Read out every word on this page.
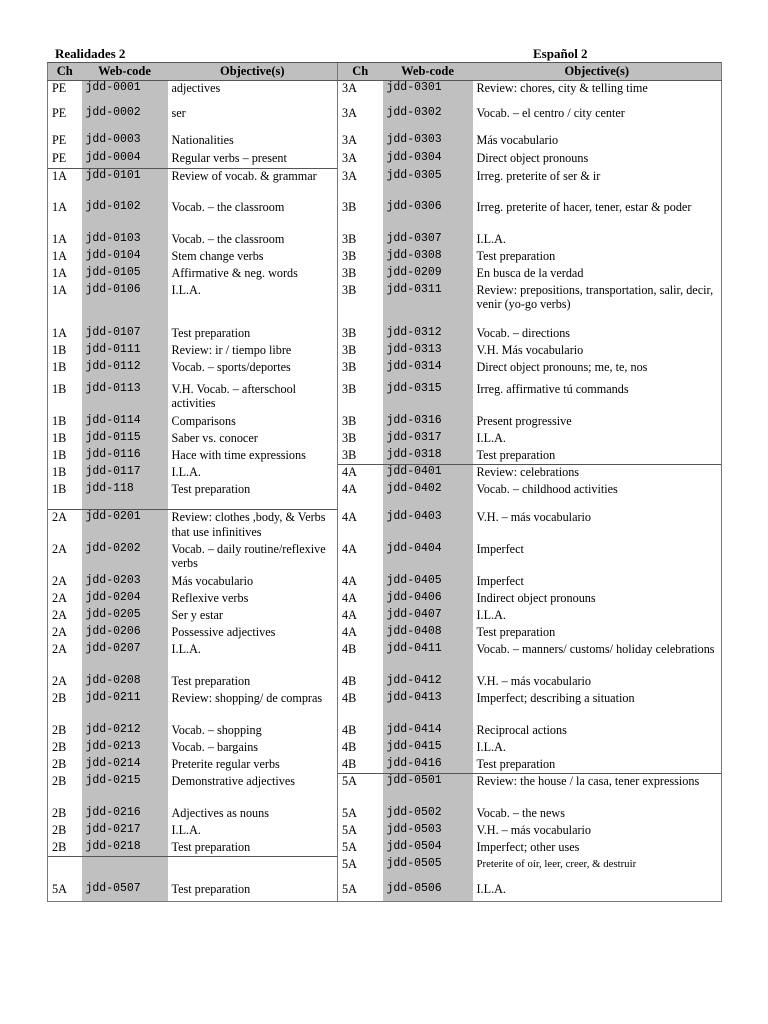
Realidades 2	Español 2
Ch	Web-code	Objective(s)	Ch	Web-code	Objective(s)
PE	jdd-0001	adjectives	3A	jdd-0301	Review: chores, city & telling time
PE	jdd-0002	ser	3A	jdd-0302	Vocab. – el centro / city center
PE	jdd-0003	Nationalities	3A	jdd-0303	Más vocabulario
PE	jdd-0004	Regular verbs – present	3A	jdd-0304	Direct object pronouns
1A	jdd-0101	Review of vocab. & grammar	3A	jdd-0305	Irreg. preterite of ser & ir
1A	jdd-0102	Vocab. – the classroom	3B	jdd-0306	Irreg. preterite of hacer, tener, estar & poder
1A	jdd-0103	Vocab. – the classroom	3B	jdd-0307	I.L.A.
1A	jdd-0104	Stem change verbs	3B	jdd-0308	Test preparation
1A	jdd-0105	Affirmative & neg. words	3B	jdd-0209	En busca de la verdad
1A	jdd-0106	I.L.A.	3B	jdd-0311	Review: prepositions, transportation, salir, decir, venir (yo-go verbs)
1A	jdd-0107	Test preparation	3B	jdd-0312	Vocab. – directions
1B	jdd-0111	Review: ir / tiempo libre	3B	jdd-0313	V.H. Más vocabulario
1B	jdd-0112	Vocab. – sports/deportes	3B	jdd-0314	Direct object pronouns; me, te, nos
1B	jdd-0113	V.H. Vocab. – afterschool activities	3B	jdd-0315	Irreg. affirmative tú commands
1B	jdd-0114	Comparisons	3B	jdd-0316	Present progressive
1B	jdd-0115	Saber vs. conocer	3B	jdd-0317	I.L.A.
1B	jdd-0116	Hace with time expressions	3B	jdd-0318	Test preparation
1B	jdd-0117	I.L.A.	4A	jdd-0401	Review: celebrations
1B	jdd-118	Test preparation	4A	jdd-0402	Vocab. – childhood activities
2A	jdd-0201	Review: clothes ,body, & Verbs that use infinitives	4A	jdd-0403	V.H. – más vocabulario
2A	jdd-0202	Vocab. – daily routine/reflexive verbs	4A	jdd-0404	Imperfect
2A	jdd-0203	Más vocabulario	4A	jdd-0405	Imperfect
2A	jdd-0204	Reflexive verbs	4A	jdd-0406	Indirect object pronouns
2A	jdd-0205	Ser y estar	4A	jdd-0407	I.L.A.
2A	jdd-0206	Possessive adjectives	4A	jdd-0408	Test preparation
2A	jdd-0207	I.L.A.	4B	jdd-0411	Vocab. – manners/ customs/ holiday celebrations
2A	jdd-0208	Test preparation	4B	jdd-0412	V.H. – más vocabulario
2B	jdd-0211	Review: shopping/ de compras	4B	jdd-0413	Imperfect; describing a situation
2B	jdd-0212	Vocab. – shopping	4B	jdd-0414	Reciprocal actions
2B	jdd-0213	Vocab. – bargains	4B	jdd-0415	I.L.A.
2B	jdd-0214	Preterite regular verbs	4B	jdd-0416	Test preparation
2B	jdd-0215	Demonstrative adjectives	5A	jdd-0501	Review: the house / la casa, tener expressions
2B	jdd-0216	Adjectives as nouns	5A	jdd-0502	Vocab. – the news
2B	jdd-0217	I.L.A.	5A	jdd-0503	V.H. – más vocabulario
2B	jdd-0218	Test preparation	5A	jdd-0504	Imperfect; other uses
			5A	jdd-0505	Preterite of oír, leer, creer, & destruir
5A	jdd-0507	Test preparation	5A	jdd-0506	I.L.A.
